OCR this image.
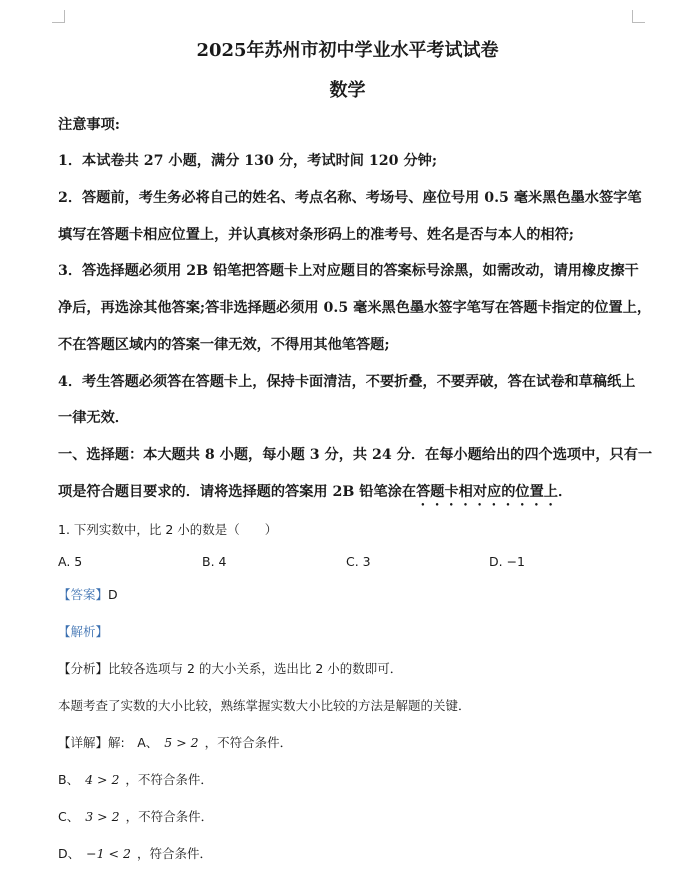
2025年苏州市初中学业水平考试试卷
数学
注意事项:
1．本试卷共 27 小题，满分 130 分，考试时间 120 分钟;
2．答题前，考生务必将自己的姓名、考点名称、考场号、座位号用 0.5 毫米黑色墨水签字笔
填写在答题卡相应位置上，并认真核对条形码上的准考号、姓名是否与本人的相符;
3．答选择题必须用 2B 铅笔把答题卡上对应题目的答案标号涂黑，如需改动，请用橡皮擦干
净后，再选涂其他答案;答非选择题必须用 0.5 毫米黑色墨水签字笔写在答题卡指定的位置上，
不在答题区域内的答案一律无效，不得用其他笔答题;
4．考生答题必须答在答题卡上，保持卡面清洁，不要折叠，不要弄破，答在试卷和草稿纸上
一律无效．
一、选择题：本大题共 8 小题，每小题 3 分，共 24 分．在每小题给出的四个选项中，只有一
项是符合题目要求的．请将选择题的答案用 2B 铅笔涂在答题卡相对应的位置上．
1. 下列实数中，比 2 小的数是（　　）
A. 5	B. 4	C. 3	D. −1
【答案】D
【解析】
【分析】比较各选项与 2 的大小关系，选出比 2 小的数即可．
本题考查了实数的大小比较，熟练掌握实数大小比较的方法是解题的关键．
【详解】解:　A、 5 > 2 ，不符合条件．
B、 4 > 2 ，不符合条件．
C、 3 > 2 ，不符合条件．
D、 −1 < 2 ，符合条件．
